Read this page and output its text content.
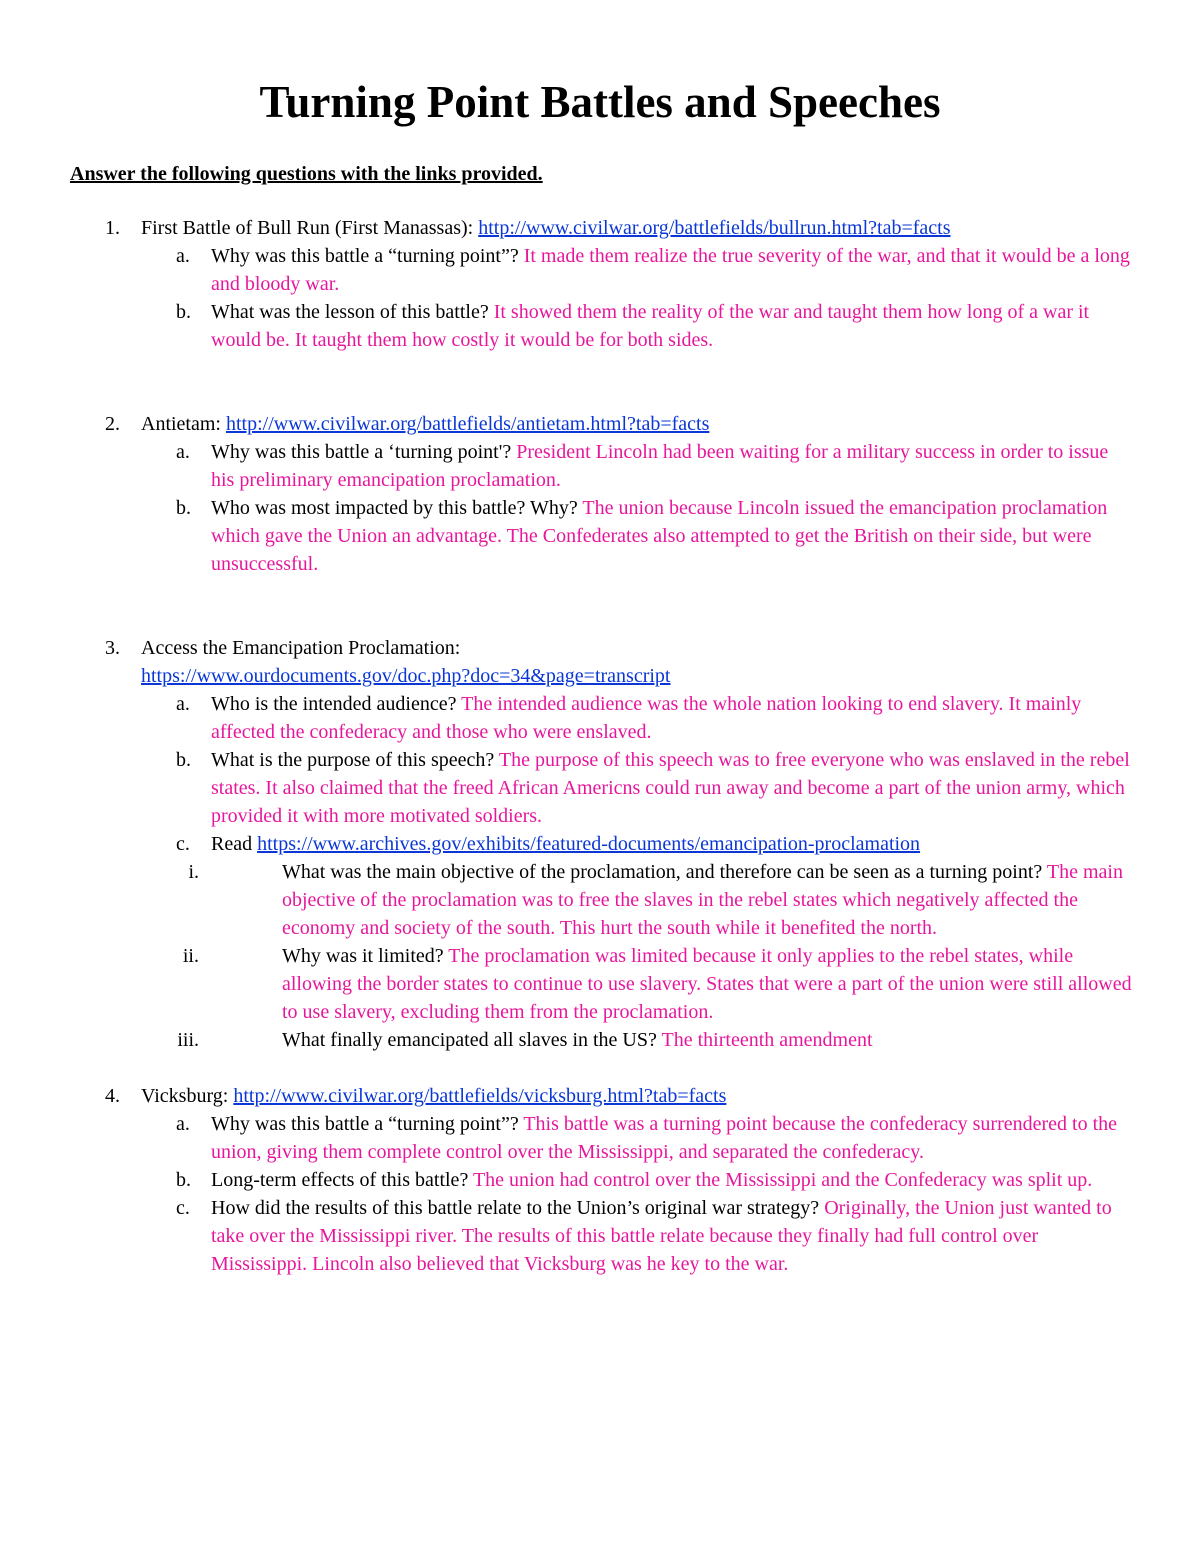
Turning Point Battles and Speeches

Answer the following questions with the links provided.

1. First Battle of Bull Run (First Manassas): http://www.civilwar.org/battlefields/bullrun.html?tab=facts
a. Why was this battle a “turning point”? It made them realize the true severity of the war, and that it would be a long and bloody war.
b. What was the lesson of this battle? It showed them the reality of the war and taught them how long of a war it would be. It taught them how costly it would be for both sides.
2. Antietam: http://www.civilwar.org/battlefields/antietam.html?tab=facts
a. Why was this battle a ‘turning point'? President Lincoln had been waiting for a military success in order to issue his preliminary emancipation proclamation.
b. Who was most impacted by this battle? Why? The union because Lincoln issued the emancipation proclamation which gave the Union an advantage. The Confederates also attempted to get the British on their side, but were unsuccessful.
3. Access the Emancipation Proclamation:
https://www.ourdocuments.gov/doc.php?doc=34&page=transcript
a. Who is the intended audience? The intended audience was the whole nation looking to end slavery. It mainly affected the confederacy and those who were enslaved.
b. What is the purpose of this speech? The purpose of this speech was to free everyone who was enslaved in the rebel states. It also claimed that the freed African Americns could run away and become a part of the union army, which provided it with more motivated soldiers.
c. Read https://www.archives.gov/exhibits/featured-documents/emancipation-proclamation
i.	What was the main objective of the proclamation, and therefore can be seen as a turning point? The main objective of the proclamation was to free the slaves in the rebel states which negatively affected the economy and society of the south. This hurt the south while it benefited the north.
ii.	Why was it limited? The proclamation was limited because it only applies to the rebel states, while allowing the border states to continue to use slavery. States that were a part of the union were still allowed to use slavery, excluding them from the proclamation.
iii.	What finally emancipated all slaves in the US? The thirteenth amendment
4. Vicksburg: http://www.civilwar.org/battlefields/vicksburg.html?tab=facts
a. Why was this battle a “turning point”? This battle was a turning point because the confederacy surrendered to the union, giving them complete control over the Mississippi, and separated the confederacy.
b. Long-term effects of this battle? The union had control over the Mississippi and the Confederacy was split up.
c. How did the results of this battle relate to the Union’s original war strategy? Originally, the Union just wanted to take over the Mississippi river. The results of this battle relate because they finally had full control over Mississippi. Lincoln also believed that Vicksburg was he key to the war.
